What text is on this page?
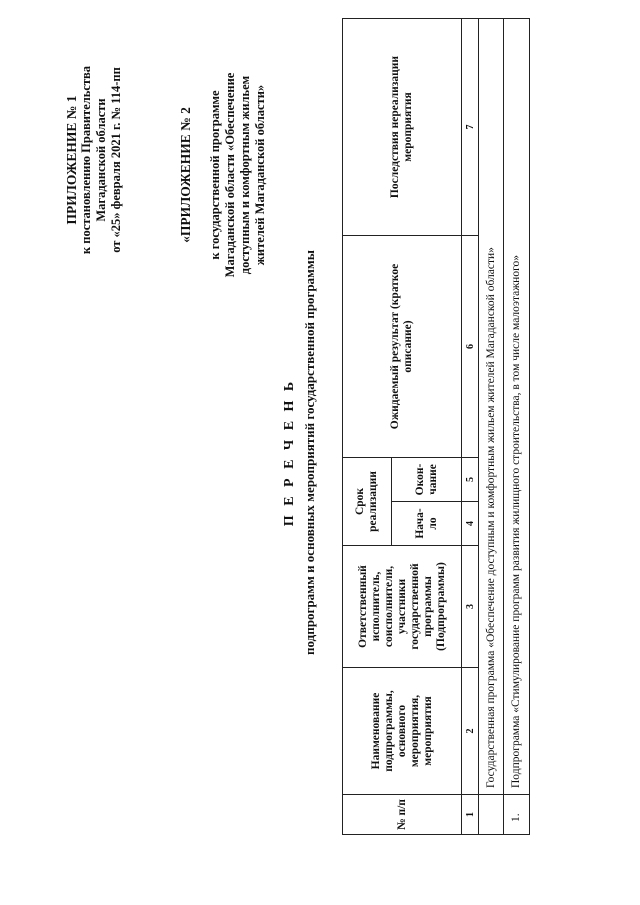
ПРИЛОЖЕНИЕ № 1 к постановлению Правительства Магаданской области от «25» февраля 2021 г. № 114-пп	«ПРИЛОЖЕНИЕ № 2 к государственной программе Магаданской области «Обеспечение доступным и комфортным жильем жителей Магаданской области»
П Е Р Е Ч Е Н Ь подпрограмм и основных мероприятий государственной программы
№ п/п	Наименование подпрограммы, основного мероприятия, мероприятия	Ответственный исполнитель, соисполнители, участники государственной программы (Подпрограммы)	Срок реализации		Ожидаемый результат (краткое описание)	Последствия нереализации мероприятия
			Нача-ло	Окон-чание		
1	2	3	4	5	6	7
	Государственная программа «Обеспечение доступным и комфортным жильем жителей Магаданской области»					
1.	Подпрограмма «Стимулирование программ развития жилищного строительства, в том числе малоэтажного»					
